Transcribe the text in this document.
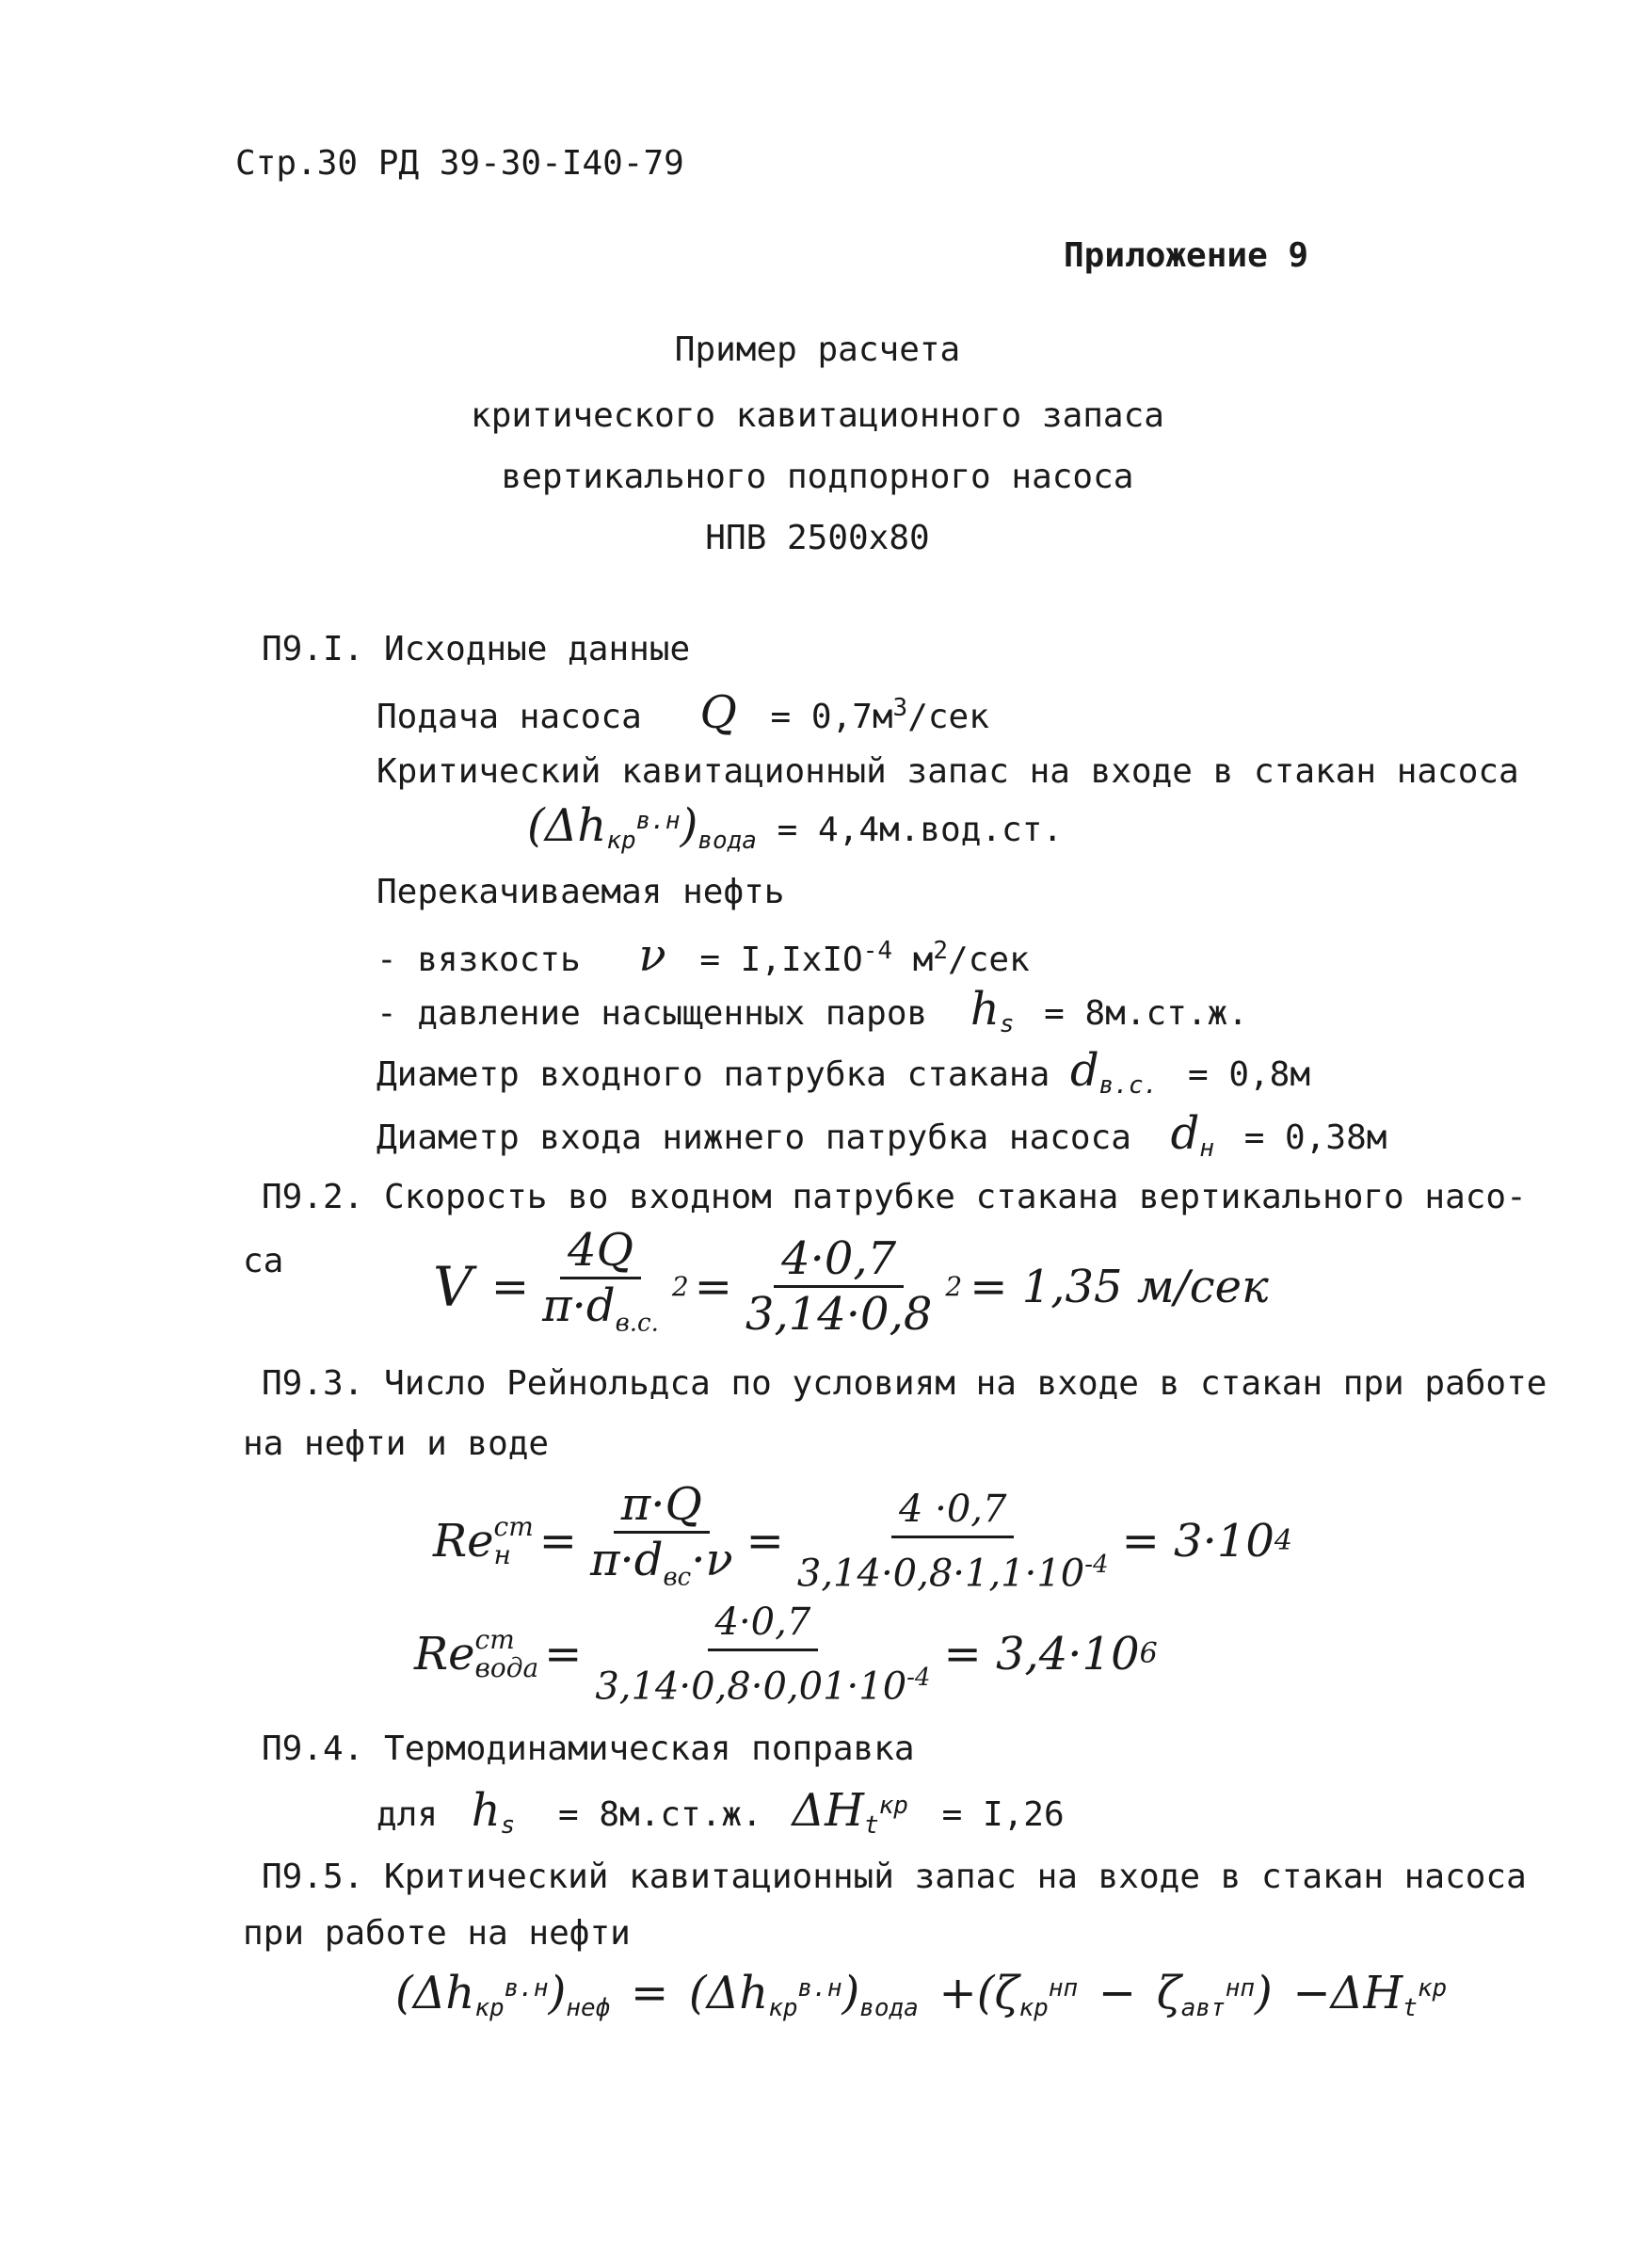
Стр.30 РД 39-30-I40-79
Приложение 9
Пример расчета
критического кавитационного запаса
вертикального подпорного насоса
НПВ 2500х80
П9.I. Исходные данные
Подача насоса $Q = 0,7м^3$/сек
Критический кавитационный запас на входе в стакан насоса
$(\Delta h_{кр}^{в.н})_{вода} = 4,4м.вод.ст$.
Перекачиваемая нефть
- вязкость ν = I,IxIO$^{-4}$ $м^2$/сек
- давление насыщенных паров $h_s = 8м.ст.ж$.
Диаметр входного патрубка стакана $d_{в.с.} = 0,8м$
Диаметр входа нижнего патрубка насоса $d_н = 0,38м$
П9.2. Скорость во входном патрубке стакана вертикального насо-
са	$V = \frac{4Q}{\pi\cdot d_{в.с.}} 2 = \frac{4\cdot 0,7}{3,14\cdot 0,8} 2 = 1,35$ м/сек
П9.3. Число Рейнольдса по условиям на входе в стакан при работе
на нефти и воде
Re ст
$н = \frac{\pi\cdot Q}{\pi\cdot d_{вс}\cdot\nu} = \frac{4 \cdot 0,7}{3,14\cdot 0,8\cdot 1,1\cdot 10^{-4}} = 3\cdot 10$ 4
Re ст
вода = $\frac{4\cdot 0,7}{3,14\cdot 0,8\cdot 0,01\cdot 10^{-4}} = 3,4\cdot 10$ 6
П9.4. Термодинамическая поправка
для $h_s = 8м.ст.ж$. $\Delta H_t^{кр} = I,26$
П9.5. Критический кавитационный запас на входе в стакан насоса
при работе на нефти
$(\Delta h_{кр}^{в.н})_{неф} = (\Delta h_{кр}^{в.н})_{вода} +(\zeta_{кр}^{нп} - \zeta_{авт}^{нп}) -\Delta H_t^{кр}$
